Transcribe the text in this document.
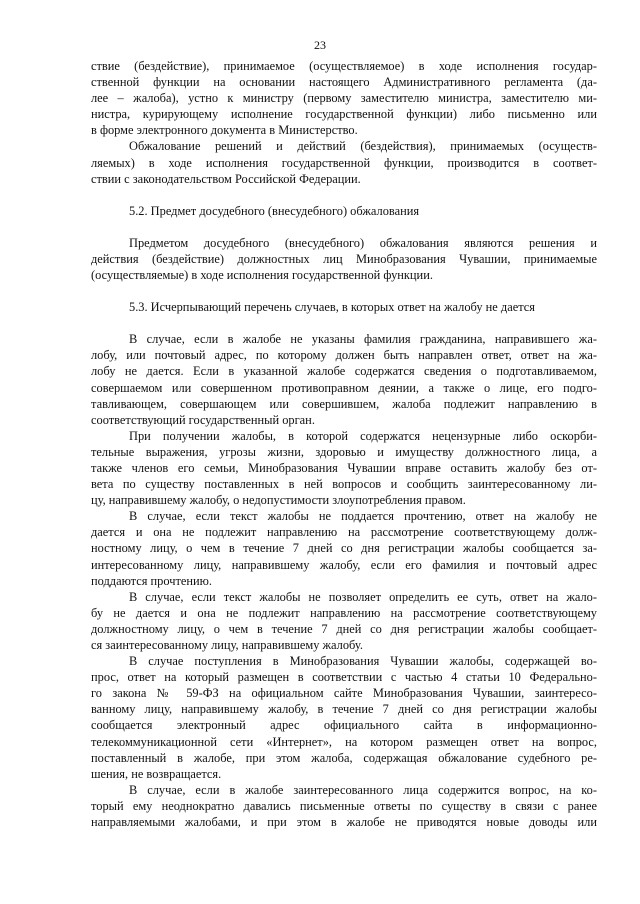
23
ствие (бездействие), принимаемое (осуществляемое) в ходе исполнения государ-
ственной функции на основании настоящего Административного регламента (да-
лее – жалоба), устно к министру (первому заместителю министра, заместителю ми-
нистра, курирующему исполнение государственной функции) либо письменно или
в форме электронного документа в Министерство.
Обжалование решений и действий (бездействия), принимаемых (осуществ-
ляемых) в ходе исполнения государственной функции, производится в соответ-
ствии с законодательством Российской Федерации.
5.2. Предмет досудебного (внесудебного) обжалования
Предметом досудебного (внесудебного) обжалования являются решения и
действия (бездействие) должностных лиц Минобразования Чувашии, принимаемые
(осуществляемые) в ходе исполнения государственной функции.
5.3. Исчерпывающий перечень случаев, в которых ответ на жалобу не дается
В случае, если в жалобе не указаны фамилия гражданина, направившего жа-
лобу, или почтовый адрес, по которому должен быть направлен ответ, ответ на жа-
лобу не дается. Если в указанной жалобе содержатся сведения о подготавливаемом,
совершаемом или совершенном противоправном деянии, а также о лице, его подго-
тавливающем, совершающем или совершившем, жалоба подлежит направлению в
соответствующий государственный орган.
При получении жалобы, в которой содержатся нецензурные либо оскорби-
тельные выражения, угрозы жизни, здоровью и имуществу должностного лица, а
также членов его семьи, Минобразования Чувашии вправе оставить жалобу без от-
вета по существу поставленных в ней вопросов и сообщить заинтересованному ли-
цу, направившему жалобу, о недопустимости злоупотребления правом.
В случае, если текст жалобы не поддается прочтению, ответ на жалобу не
дается и она не подлежит направлению на рассмотрение соответствующему долж-
ностному лицу, о чем в течение 7 дней со дня регистрации жалобы сообщается за-
интересованному лицу, направившему жалобу, если его фамилия и почтовый адрес
поддаются прочтению.
В случае, если текст жалобы не позволяет определить ее суть, ответ на жало-
бу не дается и она не подлежит направлению на рассмотрение соответствующему
должностному лицу, о чем в течение 7 дней со дня регистрации жалобы сообщает-
ся заинтересованному лицу, направившему жалобу.
В случае поступления в Минобразования Чувашии жалобы, содержащей во-
прос, ответ на который размещен в соответствии с частью 4 статьи 10 Федерально-
го закона № 59-ФЗ на официальном сайте Минобразования Чувашии, заинтересо-
ванному лицу, направившему жалобу, в течение 7 дней со дня регистрации жалобы
сообщается электронный адрес официального сайта в информационно-
телекоммуникационной сети «Интернет», на котором размещен ответ на вопрос,
поставленный в жалобе, при этом жалоба, содержащая обжалование судебного ре-
шения, не возвращается.
В случае, если в жалобе заинтересованного лица содержится вопрос, на ко-
торый ему неоднократно давались письменные ответы по существу в связи с ранее
направляемыми жалобами, и при этом в жалобе не приводятся новые доводы или
